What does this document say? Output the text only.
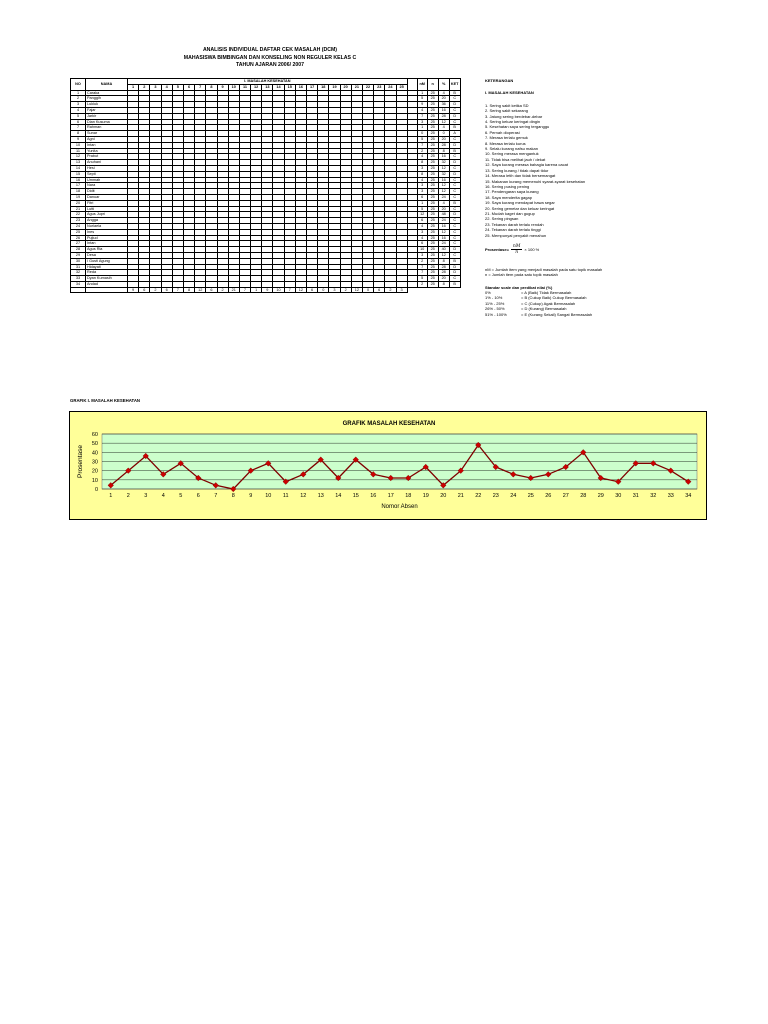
ANALISIS INDIVIDUAL DAFTAR CEK MASALAH (DCM)
MAHASISWA BIMBINGAN DAN KONSELING NON REGULER KELAS C
TAHUN AJARAN 2006/ 2007
NO	NAMA	I. MASALAH KESEHATAN																										nM	n	%	KET
		1	2	3	4	5	6	7	8	9	10	11	12	13	14	15	16	17	18	19	20	21	22	23	24	25					
1	Caraka																											1	25	4	B
2	Panggih																											5	25	20	C
3	Lukluk																											9	25	36	D
4	Fajar																											4	25	16	C
5	Jarkir																											7	25	28	D
6	Dian Kusuma																											3	25	12	C
7	Rahman																											1	25	4	B
8	Sunar																											0	25	0	A
9	Agni																											5	25	20	C
10	Intan																											7	25	28	D
11	Yunita																											2	25	8	B
12	Prabut																											4	25	16	C
13	Anuhani																											8	25	32	D
14	Hesi																											3	25	12	C
15	Septi																											8	25	32	D
16	Ummah																											4	25	16	C
17	Nara																											3	25	12	C
18	Didit																											3	25	12	C
19	Danuar																											6	25	24	C
20	Fitri																											1	25	4	B
21	Lutti																											5	25	20	C
22	Agus Jupri																											12	25	48	D
23	Angga																											6	25	24	C
24	Nurlaela																											4	25	16	C
25	Ines																											3	25	12	C
26	Pujiud																											4	25	16	C
27	Intan																											6	25	24	C
28	Agus Ria																											10	25	40	D
29	Desa																											3	25	12	C
30	I Gusti Agung																											2	25	8	B
31	Hidayati																											7	25	28	D
32	Reda																											7	25	28	D
33	Dyan Kumasih																											5	25	20	C
34	Andad																											2	25	8	B
		9	6	2	6	7	8	12	6	2	21	7	1	9	10	7	12	6	0	3	2	12	0	6	2	3					
KETERANGAN
I. MASALAH KESEHATAN
1. Sering sakit ketika SD
2. Sering sakit sekarang
3. Jatung sering berdebar-debar
4. Sering keluar keringat dingin
5. Kesehatan saya sering terganggu
6. Pernah dioperasi
7. Merasa terlalu gemuk
8. Merasa terlalu kurus
9. Selalu kurang nafsu makan
10. Sering merasa mengantuk
11. Tidak bisa melihat jauh / dekat
12. Saya kurang merasa bahagia karena cacat
13. Sering kurang / tidak dapat tidur
14. Merasa letih dan tidak bersemangat
15. Makanan kurang memenuhi syarat-syarat kesehatan
16. Sering pusing pening
17. Pendengaran saya kurang
18. Saya menderita gagap
19. Saya kurang mendapat hawa segar
20. Sering gemetar dan keluar keringat
21. Mudah kaget dan gugup
22. Sering pingsan
23. Tekanan darah terlalu rendah
24. Tekanan darah terlalu tinggi
25. Mempunyai penyakit menahun
Prosentase= $\frac{nM}{n} \times 100$ %
nM = Jumlah item yang menjadi masalah pada satu topik masalah
n = Jumlah item pada satu topik masalah
Standar scale dan predikat nilai (%)
0%	= A (Baik) Tidak Bermasalah
1% - 10%	= B (Cukup Baik) Cukup Bermasalah
11% - 25%	= C (Cukup) Agak Bermasalah
26% - 50%	= D (Kurang) Bermasalah
51% - 100%	= E (Kurang Sekali) Sangat Bermasalah
GRAFIK I. MASALAH KESEHATAN
GRAFIK MASALAH KESEHATAN
0
10
20
30
40
50
60
1	2	3	4	5	6	7	8	9 10 11 12 13 14 15 16 17 18 19 20 21 22 23 24 25 26 27 28 29 30 31 32 33 34
Nomor Absen
Prosentase
